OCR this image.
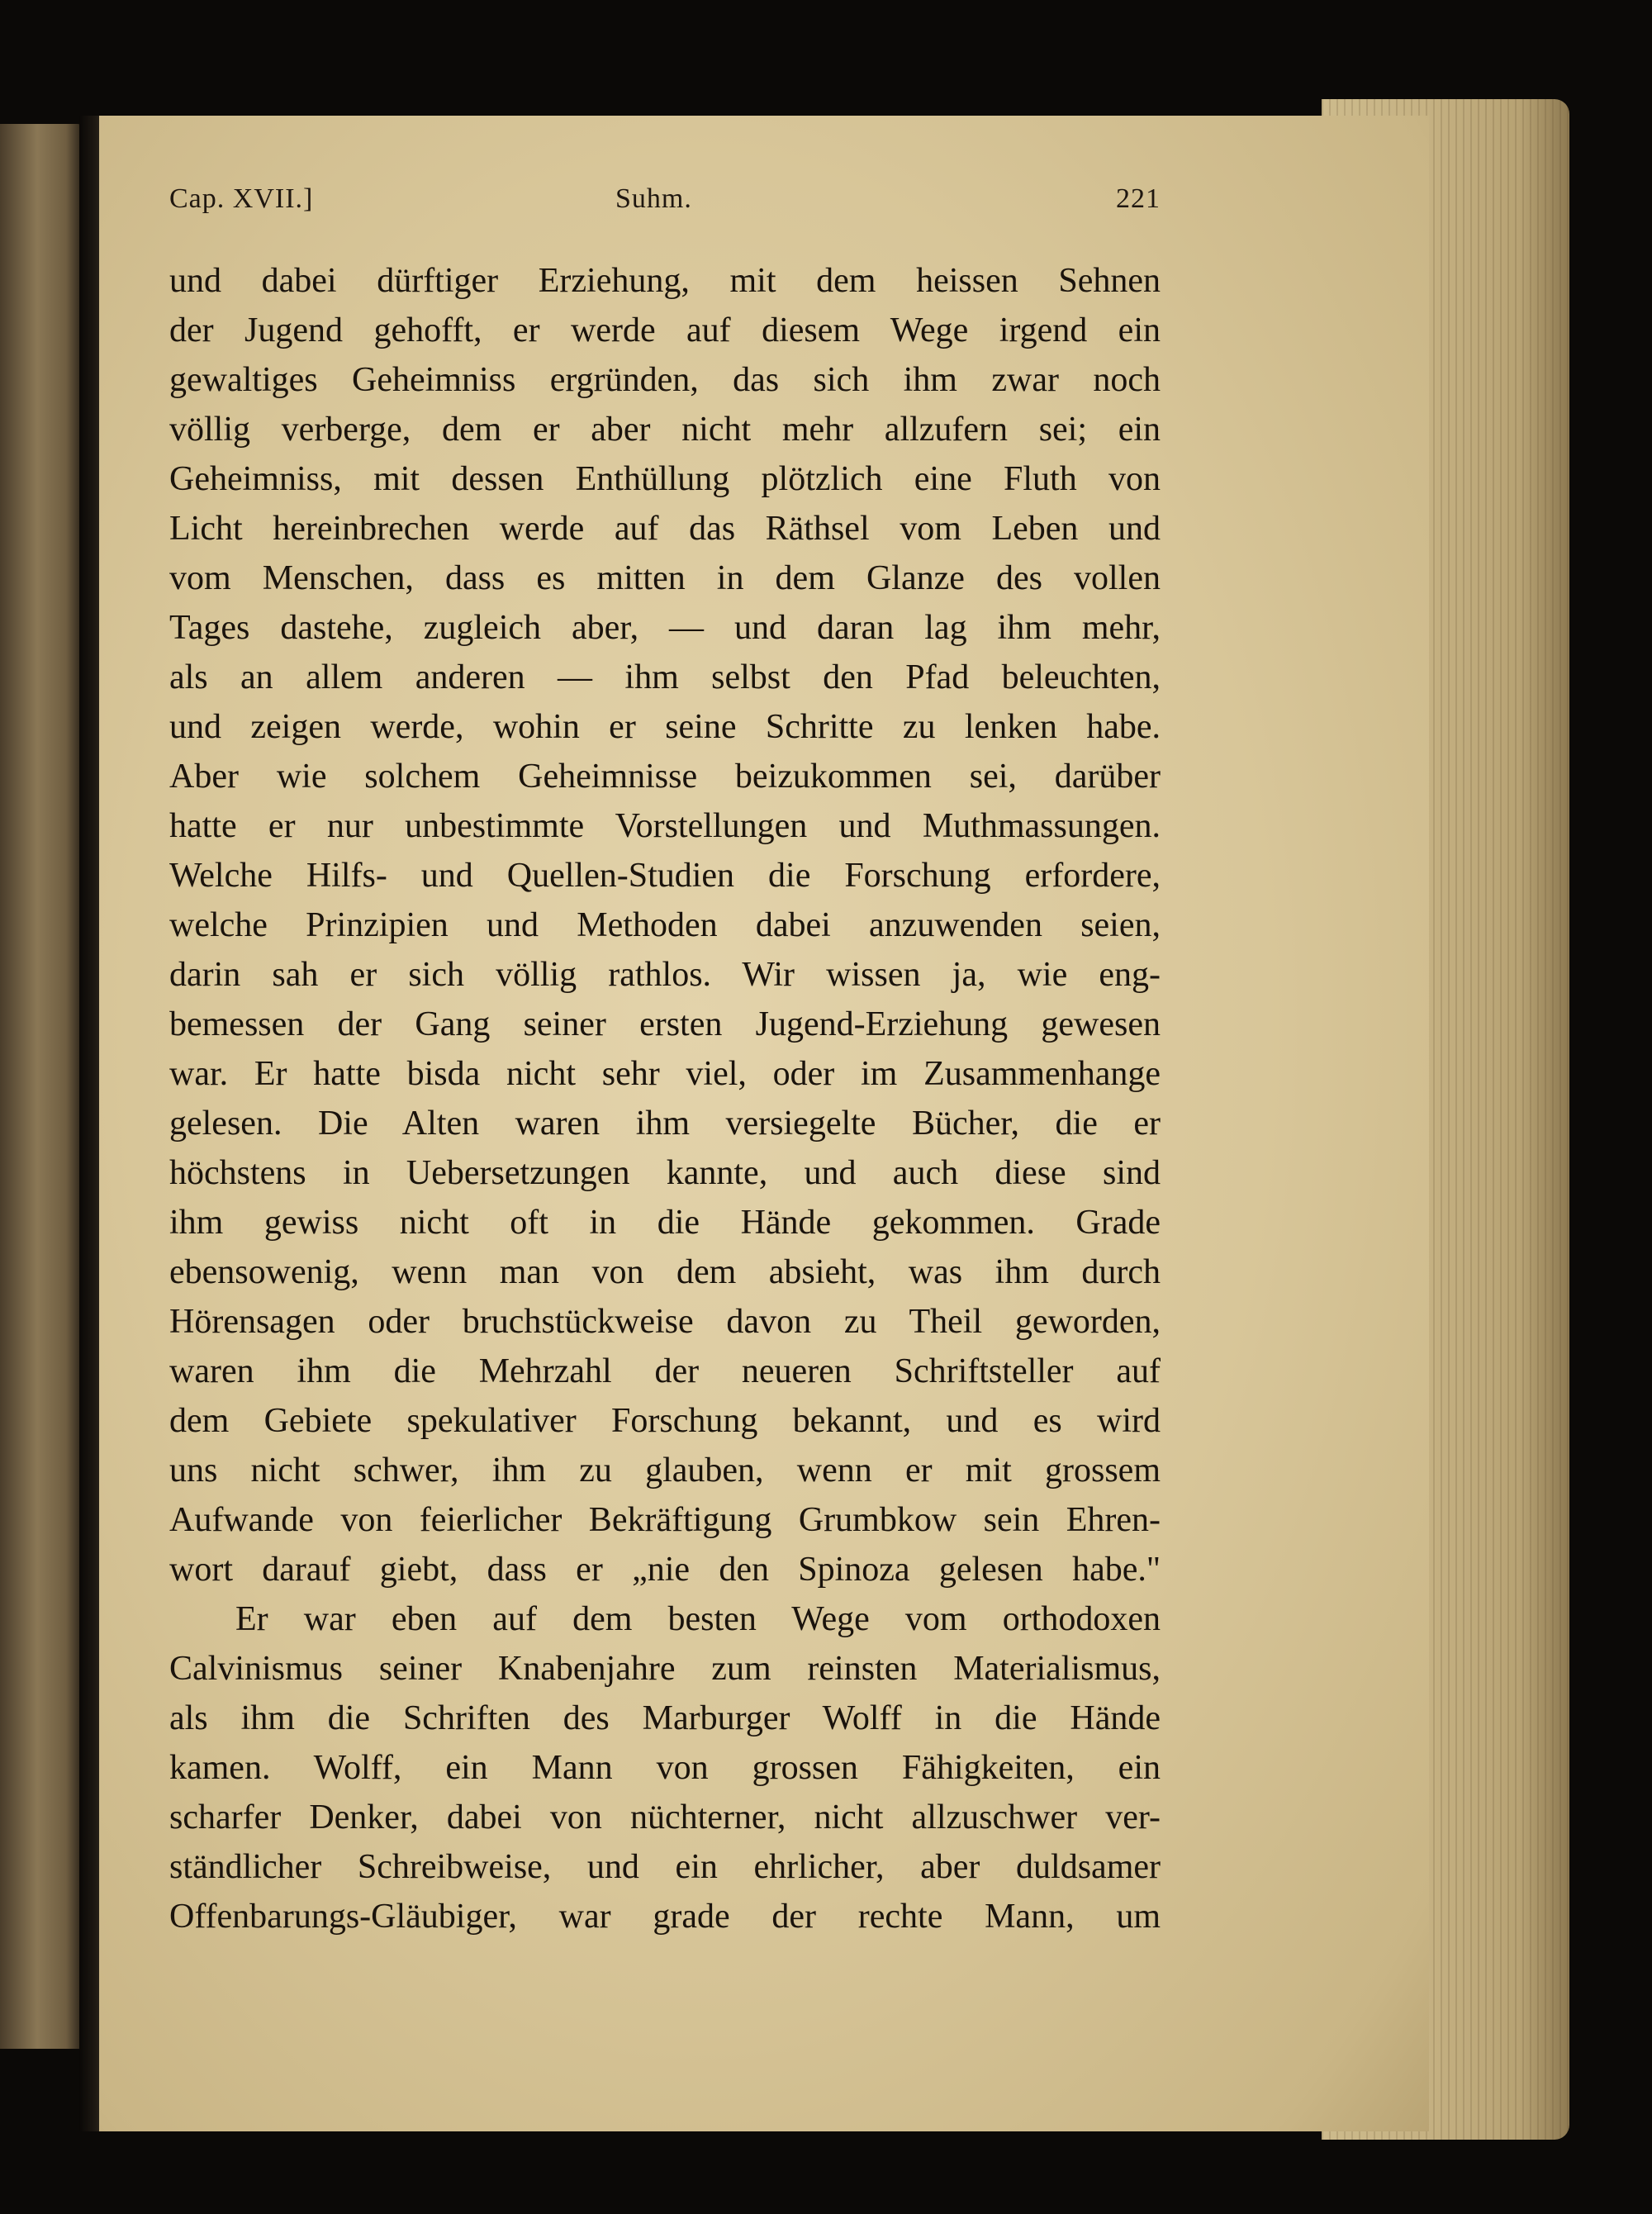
Cap. XVII.]	Suhm.	221
und dabei dürftiger Erziehung, mit dem heissen Sehnen
der Jugend gehofft, er werde auf diesem Wege irgend ein
gewaltiges Geheimniss ergründen, das sich ihm zwar noch
völlig verberge, dem er aber nicht mehr allzufern sei; ein
Geheimniss, mit dessen Enthüllung plötzlich eine Fluth von
Licht hereinbrechen werde auf das Räthsel vom Leben und
vom Menschen, dass es mitten in dem Glanze des vollen
Tages dastehe, zugleich aber, — und daran lag ihm mehr,
als an allem anderen — ihm selbst den Pfad beleuchten,
und zeigen werde, wohin er seine Schritte zu lenken habe.
Aber wie solchem Geheimnisse beizukommen sei, darüber
hatte er nur unbestimmte Vorstellungen und Muthmassungen.
Welche Hilfs- und Quellen-Studien die Forschung erfordere,
welche Prinzipien und Methoden dabei anzuwenden seien,
darin sah er sich völlig rathlos. Wir wissen ja, wie eng-
bemessen der Gang seiner ersten Jugend-Erziehung gewesen
war. Er hatte bisda nicht sehr viel, oder im Zusammenhange
gelesen. Die Alten waren ihm versiegelte Bücher, die er
höchstens in Uebersetzungen kannte, und auch diese sind
ihm gewiss nicht oft in die Hände gekommen. Grade
ebensowenig, wenn man von dem absieht, was ihm durch
Hörensagen oder bruchstückweise davon zu Theil geworden,
waren ihm die Mehrzahl der neueren Schriftsteller auf
dem Gebiete spekulativer Forschung bekannt, und es wird
uns nicht schwer, ihm zu glauben, wenn er mit grossem
Aufwande von feierlicher Bekräftigung Grumbkow sein Ehren-
wort darauf giebt, dass er „nie den Spinoza gelesen habe."
Er war eben auf dem besten Wege vom orthodoxen
Calvinismus seiner Knabenjahre zum reinsten Materialismus,
als ihm die Schriften des Marburger Wolff in die Hände
kamen. Wolff, ein Mann von grossen Fähigkeiten, ein
scharfer Denker, dabei von nüchterner, nicht allzuschwer ver-
ständlicher Schreibweise, und ein ehrlicher, aber duldsamer
Offenbarungs-Gläubiger, war grade der rechte Mann, um
